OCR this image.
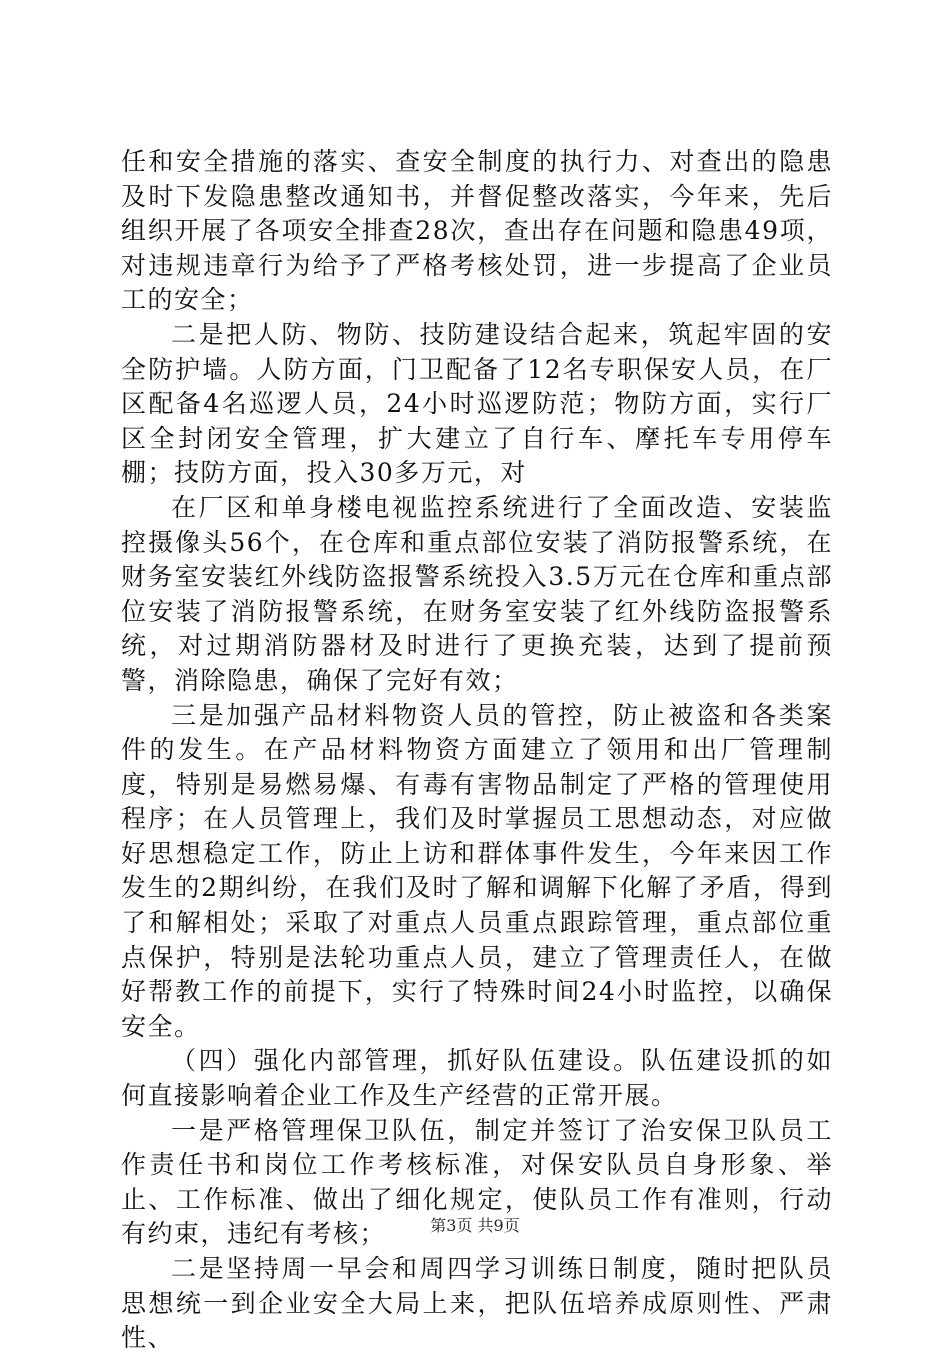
任和安全措施的落实、查安全制度的执行力、对查出的隐患及时下发隐患整改通知书，并督促整改落实，今年来，先后组织开展了各项安全排查28次，查出存在问题和隐患49项，对违规违章行为给予了严格考核处罚，进一步提高了企业员工的安全；

二是把人防、物防、技防建设结合起来，筑起牢固的安全防护墙。人防方面，门卫配备了12名专职保安人员，在厂区配备4名巡逻人员，24小时巡逻防范；物防方面，实行厂区全封闭安全管理，扩大建立了自行车、摩托车专用停车棚；技防方面，投入30多万元，对

在厂区和单身楼电视监控系统进行了全面改造、安装监控摄像头56个，在仓库和重点部位安装了消防报警系统，在财务室安装红外线防盗报警系统投入3.5万元在仓库和重点部位安装了消防报警系统，在财务室安装了红外线防盗报警系统，对过期消防器材及时进行了更换充装，达到了提前预警，消除隐患，确保了完好有效；

三是加强产品材料物资人员的管控，防止被盗和各类案件的发生。在产品材料物资方面建立了领用和出厂管理制度，特别是易燃易爆、有毒有害物品制定了严格的管理使用程序；在人员管理上，我们及时掌握员工思想动态，对应做好思想稳定工作，防止上访和群体事件发生，今年来因工作发生的2期纠纷，在我们及时了解和调解下化解了矛盾，得到了和解相处；采取了对重点人员重点跟踪管理，重点部位重点保护，特别是法轮功重点人员，建立了管理责任人，在做好帮教工作的前提下，实行了特殊时间24小时监控，以确保安全。

（四）强化内部管理，抓好队伍建设。队伍建设抓的如何直接影响着企业工作及生产经营的正常开展。

一是严格管理保卫队伍，制定并签订了治安保卫队员工作责任书和岗位工作考核标准，对保安队员自身形象、举止、工作标准、做出了细化规定，使队员工作有准则，行动有约束，违纪有考核；

二是坚持周一早会和周四学习训练日制度，随时把队员思想统一到企业安全大局上来，把队伍培养成原则性、严肃性、

第3页 共9页
